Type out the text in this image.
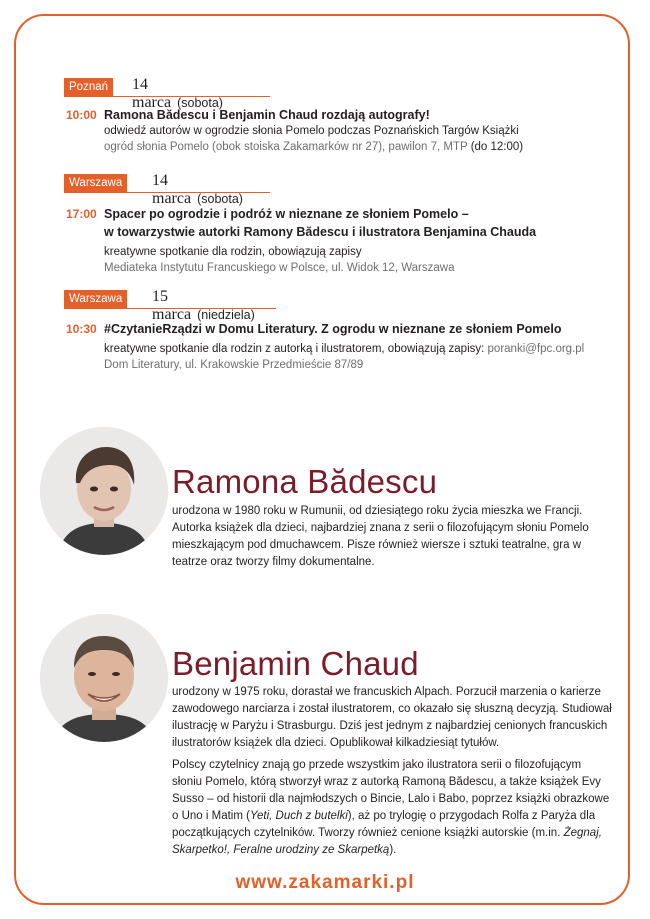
Poznań	14 marca (sobota)
10:00 Ramona Bădescu i Benjamin Chaud rozdają autografy!
odwiedź autorów w ogrodzie słonia Pomelo podczas Poznańskich Targów Książki
ogród słonia Pomelo (obok stoiska Zakamarków nr 27), pawilon 7, MTP (do 12:00)
Warszawa	14 marca (sobota)
17:00 Spacer po ogrodzie i podróż w nieznane ze słoniem Pomelo –
w towarzystwie autorki Ramony Bădescu i ilustratora Benjamina Chauda
kreatywne spotkanie dla rodzin, obowiązują zapisy
Mediateka Instytutu Francuskiego w Polsce, ul. Widok 12, Warszawa
Warszawa	15 marca (niedziela)
10:30 #CzytanieRządzi w Domu Literatury. Z ogrodu w nieznane ze słoniem Pomelo
kreatywne spotkanie dla rodzin z autorką i ilustratorem, obowiązują zapisy: poranki@fpc.org.pl
Dom Literatury, ul. Krakowskie Przedmieście 87/89
Ramona Bădescu
urodzona w 1980 roku w Rumunii, od dziesiątego roku życia mieszka we Francji. Autorka książek dla dzieci, najbardziej znana z serii o filozofującym słoniu Pomelo mieszkającym pod dmuchawcem. Pisze również wiersze i sztuki teatralne, gra w teatrze oraz tworzy filmy dokumentalne.
Benjamin Chaud

urodzony w 1975 roku, dorastał we francuskich Alpach. Porzucił marzenia o karierze zawodowego narciarza i został ilustratorem, co okazało się słuszną decyzją. Studiował ilustrację w Paryżu i Strasburgu. Dziś jest jednym z najbardziej cenionych francuskich ilustratorów książek dla dzieci. Opublikował kilkadziesiąt tytułów.

Polscy czytelnicy znają go przede wszystkim jako ilustratora serii o filozofującym słoniu Pomelo, którą stworzył wraz z autorką Ramoną Bădescu, a także książek Evy Susso – od historii dla najmłodszych o Bincie, Lalo i Babo, poprzez książki obrazkowe o Uno i Matim (Yeti, Duch z butelki), aż po trylogię o przygodach Rolfa z Paryża dla początkujących czytelników. Tworzy również cenione książki autorskie (m.in. Żegnaj, Skarpetko!, Feralne urodziny ze Skarpetką).

www.zakamarki.pl
